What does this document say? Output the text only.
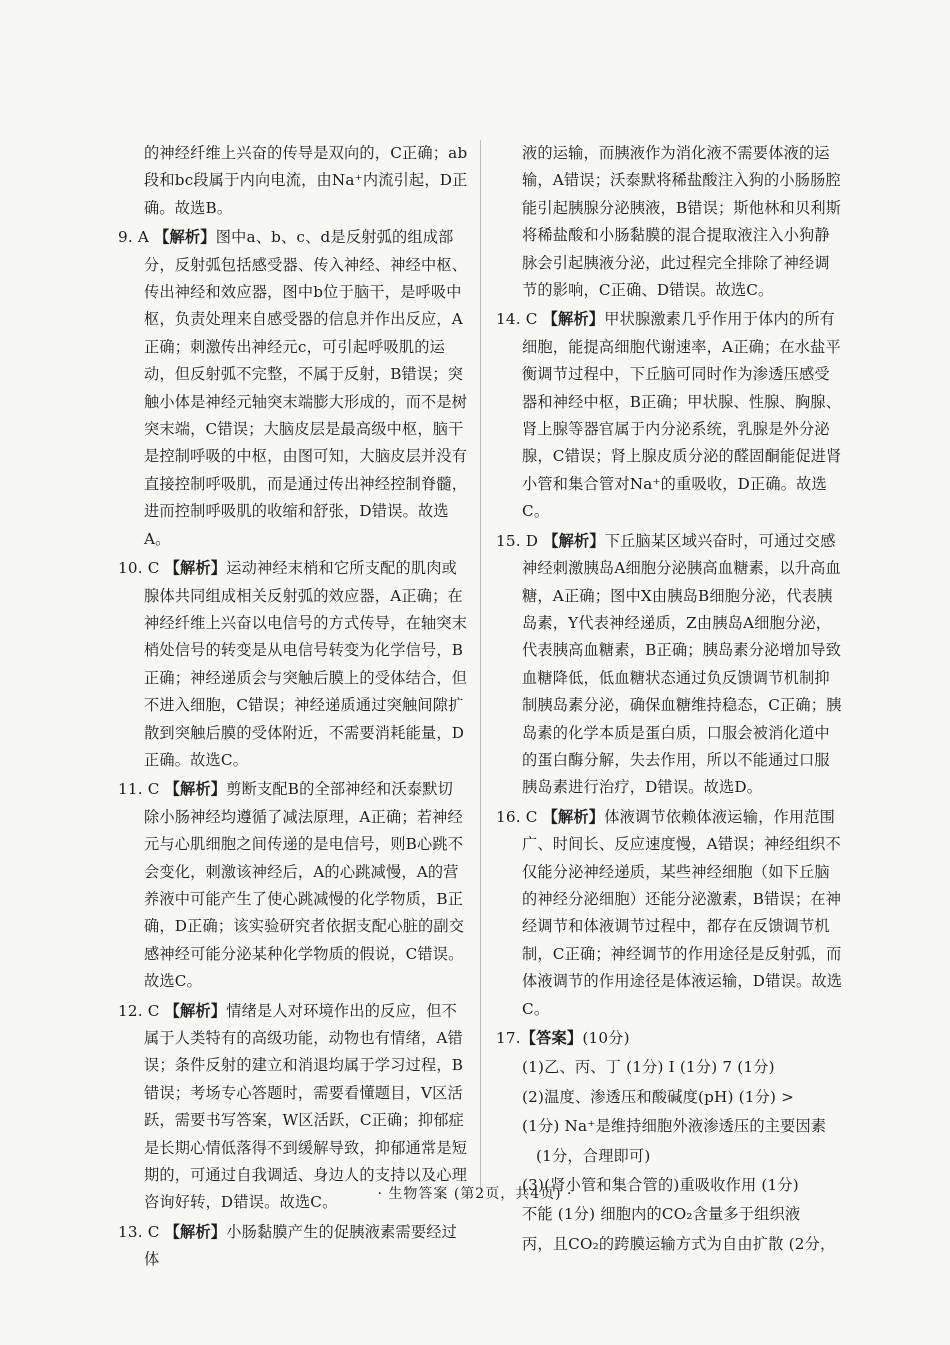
的神经纤维上兴奋的传导是双向的，C正确；ab段和bc段属于内向电流，由Na⁺内流引起，D正确。故选B。

9. A 【解析】图中a、b、c、d是反射弧的组成部分，反射弧包括感受器、传入神经、神经中枢、传出神经和效应器，图中b位于脑干，是呼吸中枢，负责处理来自感受器的信息并作出反应，A正确；刺激传出神经元c，可引起呼吸肌的运动，但反射弧不完整，不属于反射，B错误；突触小体是神经元轴突末端膨大形成的，而不是树突末端，C错误；大脑皮层是最高级中枢，脑干是控制呼吸的中枢，由图可知，大脑皮层并没有直接控制呼吸肌，而是通过传出神经控制脊髓，进而控制呼吸肌的收缩和舒张，D错误。故选A。

10. C 【解析】运动神经末梢和它所支配的肌肉或腺体共同组成相关反射弧的效应器，A正确；在神经纤维上兴奋以电信号的方式传导，在轴突末梢处信号的转变是从电信号转变为化学信号，B正确；神经递质会与突触后膜上的受体结合，但不进入细胞，C错误；神经递质通过突触间隙扩散到突触后膜的受体附近，不需要消耗能量，D正确。故选C。

11. C 【解析】剪断支配B的全部神经和沃泰默切除小肠神经均遵循了减法原理，A正确；若神经元与心肌细胞之间传递的是电信号，则B心跳不会变化，刺激该神经后，A的心跳减慢，A的营养液中可能产生了使心跳减慢的化学物质，B正确，D正确；该实验研究者依据支配心脏的副交感神经可能分泌某种化学物质的假说，C错误。故选C。

12. C 【解析】情绪是人对环境作出的反应，但不属于人类特有的高级功能，动物也有情绪，A错误；条件反射的建立和消退均属于学习过程，B错误；考场专心答题时，需要看懂题目，V区活跃，需要书写答案，W区活跃，C正确；抑郁症是长期心情低落得不到缓解导致，抑郁通常是短期的，可通过自我调适、身边人的支持以及心理咨询好转，D错误。故选C。

13. C 【解析】小肠黏膜产生的促胰液素需要经过体

液的运输，而胰液作为消化液不需要体液的运输，A错误；沃泰默将稀盐酸注入狗的小肠肠腔能引起胰腺分泌胰液，B错误；斯他林和贝利斯将稀盐酸和小肠黏膜的混合提取液注入小狗静脉会引起胰液分泌，此过程完全排除了神经调节的影响，C正确、D错误。故选C。

14. C 【解析】甲状腺激素几乎作用于体内的所有细胞，能提高细胞代谢速率，A正确；在水盐平衡调节过程中，下丘脑可同时作为渗透压感受器和神经中枢，B正确；甲状腺、性腺、胸腺、肾上腺等器官属于内分泌系统，乳腺是外分泌腺，C错误；肾上腺皮质分泌的醛固酮能促进肾小管和集合管对Na⁺的重吸收，D正确。故选C。

15. D 【解析】下丘脑某区域兴奋时，可通过交感神经刺激胰岛A细胞分泌胰高血糖素，以升高血糖，A正确；图中X由胰岛B细胞分泌，代表胰岛素，Y代表神经递质，Z由胰岛A细胞分泌，代表胰高血糖素，B正确；胰岛素分泌增加导致血糖降低，低血糖状态通过负反馈调节机制抑制胰岛素分泌，确保血糖维持稳态，C正确；胰岛素的化学本质是蛋白质，口服会被消化道中的蛋白酶分解，失去作用，所以不能通过口服胰岛素进行治疗，D错误。故选D。

16. C 【解析】体液调节依赖体液运输，作用范围广、时间长、反应速度慢，A错误；神经组织不仅能分泌神经递质，某些神经细胞（如下丘脑的神经分泌细胞）还能分泌激素，B错误；在神经调节和体液调节过程中，都存在反馈调节机制，C正确；神经调节的作用途径是反射弧，而体液调节的作用途径是体液运输，D错误。故选C。

17.【答案】(10分)

(1)乙、丙、丁 (1分) Ⅰ (1分) 7 (1分)

(2)温度、渗透压和酸碱度(pH) (1分) >

(1分) Na⁺是维持细胞外液渗透压的主要因素

(1分，合理即可)

(3)(肾小管和集合管的)重吸收作用 (1分)

不能 (1分) 细胞内的CO₂含量多于组织液

丙，且CO₂的跨膜运输方式为自由扩散 (2分，

· 生物答案 (第2页，共4页) ·
